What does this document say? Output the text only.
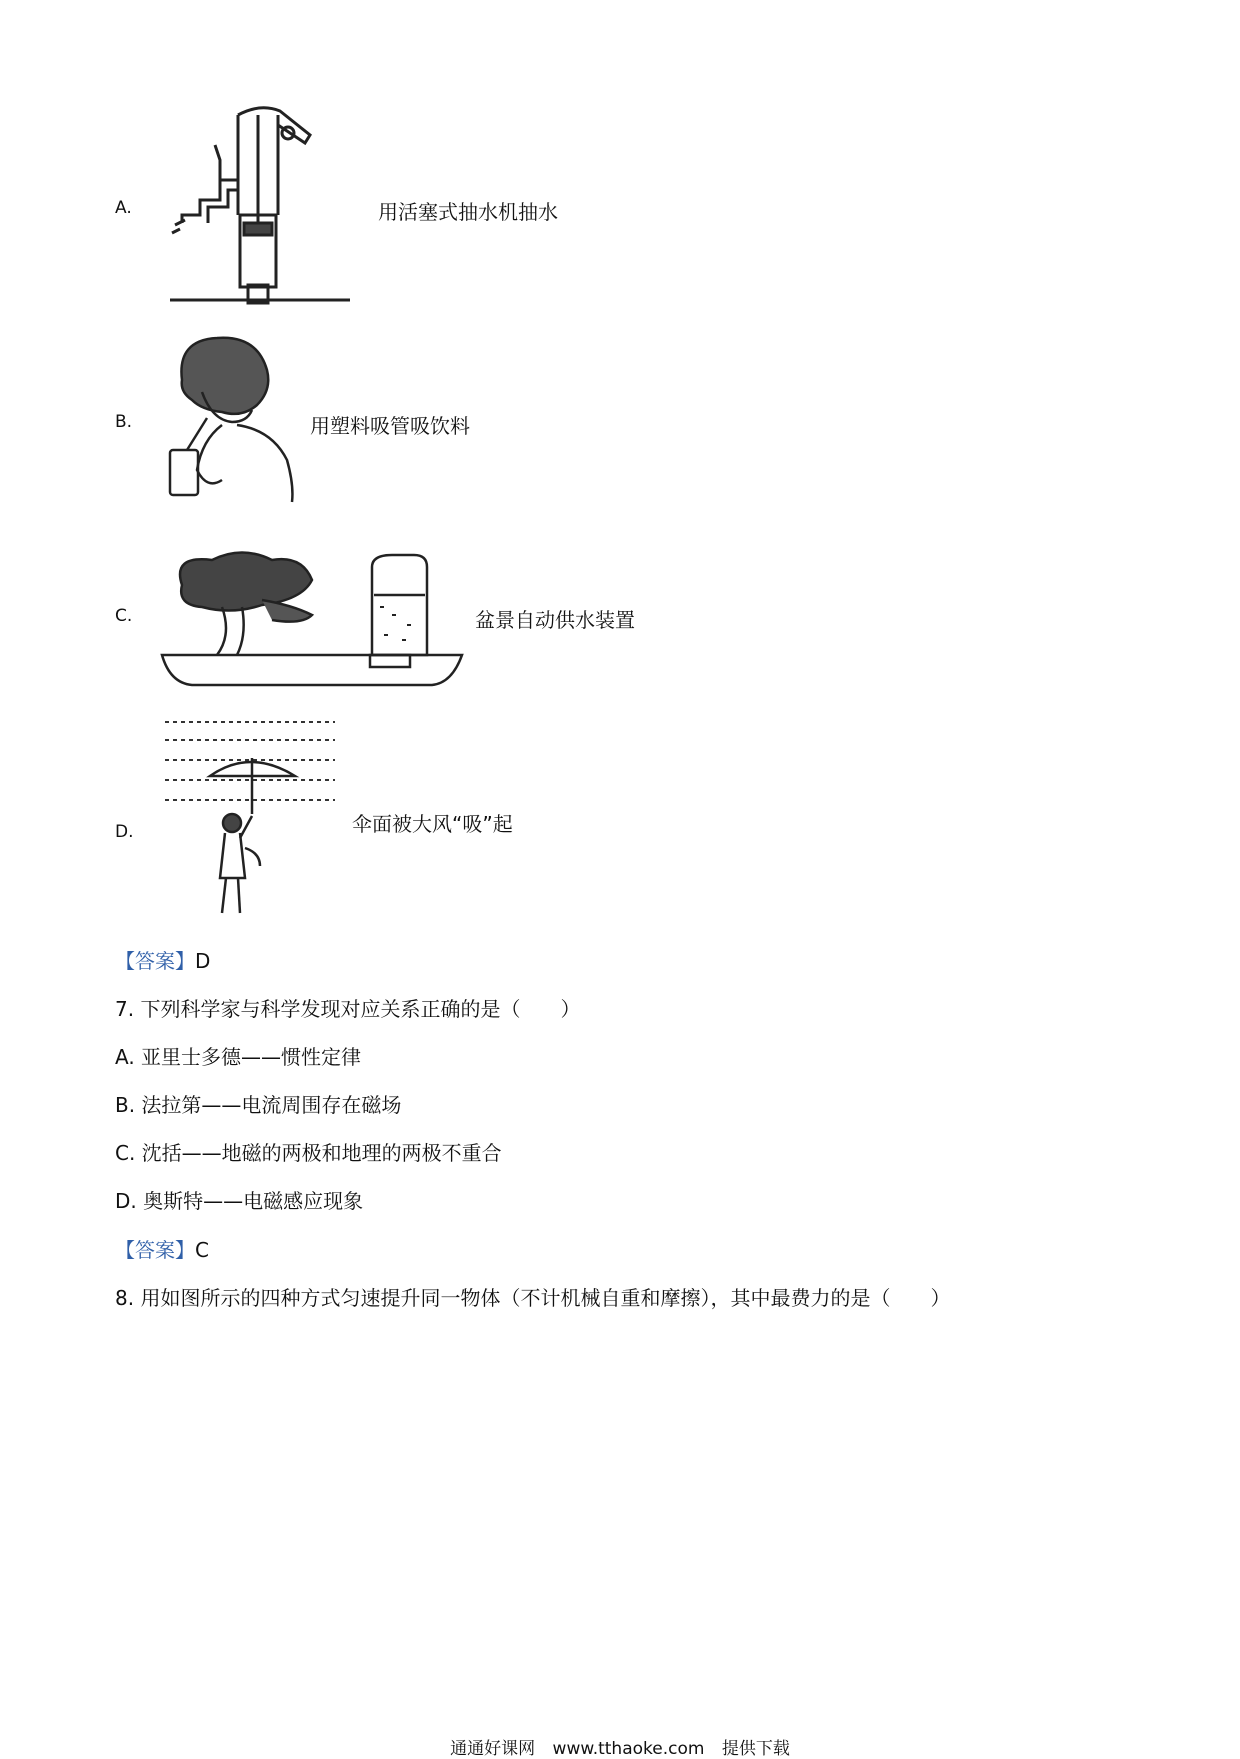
A.	用活塞式抽水机抽水
B.	用塑料吸管吸饮料
C.	盆景自动供水装置
D.	伞面被大风“吸”起
【答案】D
7. 下列科学家与科学发现对应关系正确的是（　　）
A. 亚里士多德——惯性定律
B. 法拉第——电流周围存在磁场
C. 沈括——地磁的两极和地理的两极不重合
D. 奥斯特——电磁感应现象
【答案】C
8. 用如图所示的四种方式匀速提升同一物体（不计机械自重和摩擦），其中最费力的是（　　）
通通好课网 www.tthaoke.com 提供下载
